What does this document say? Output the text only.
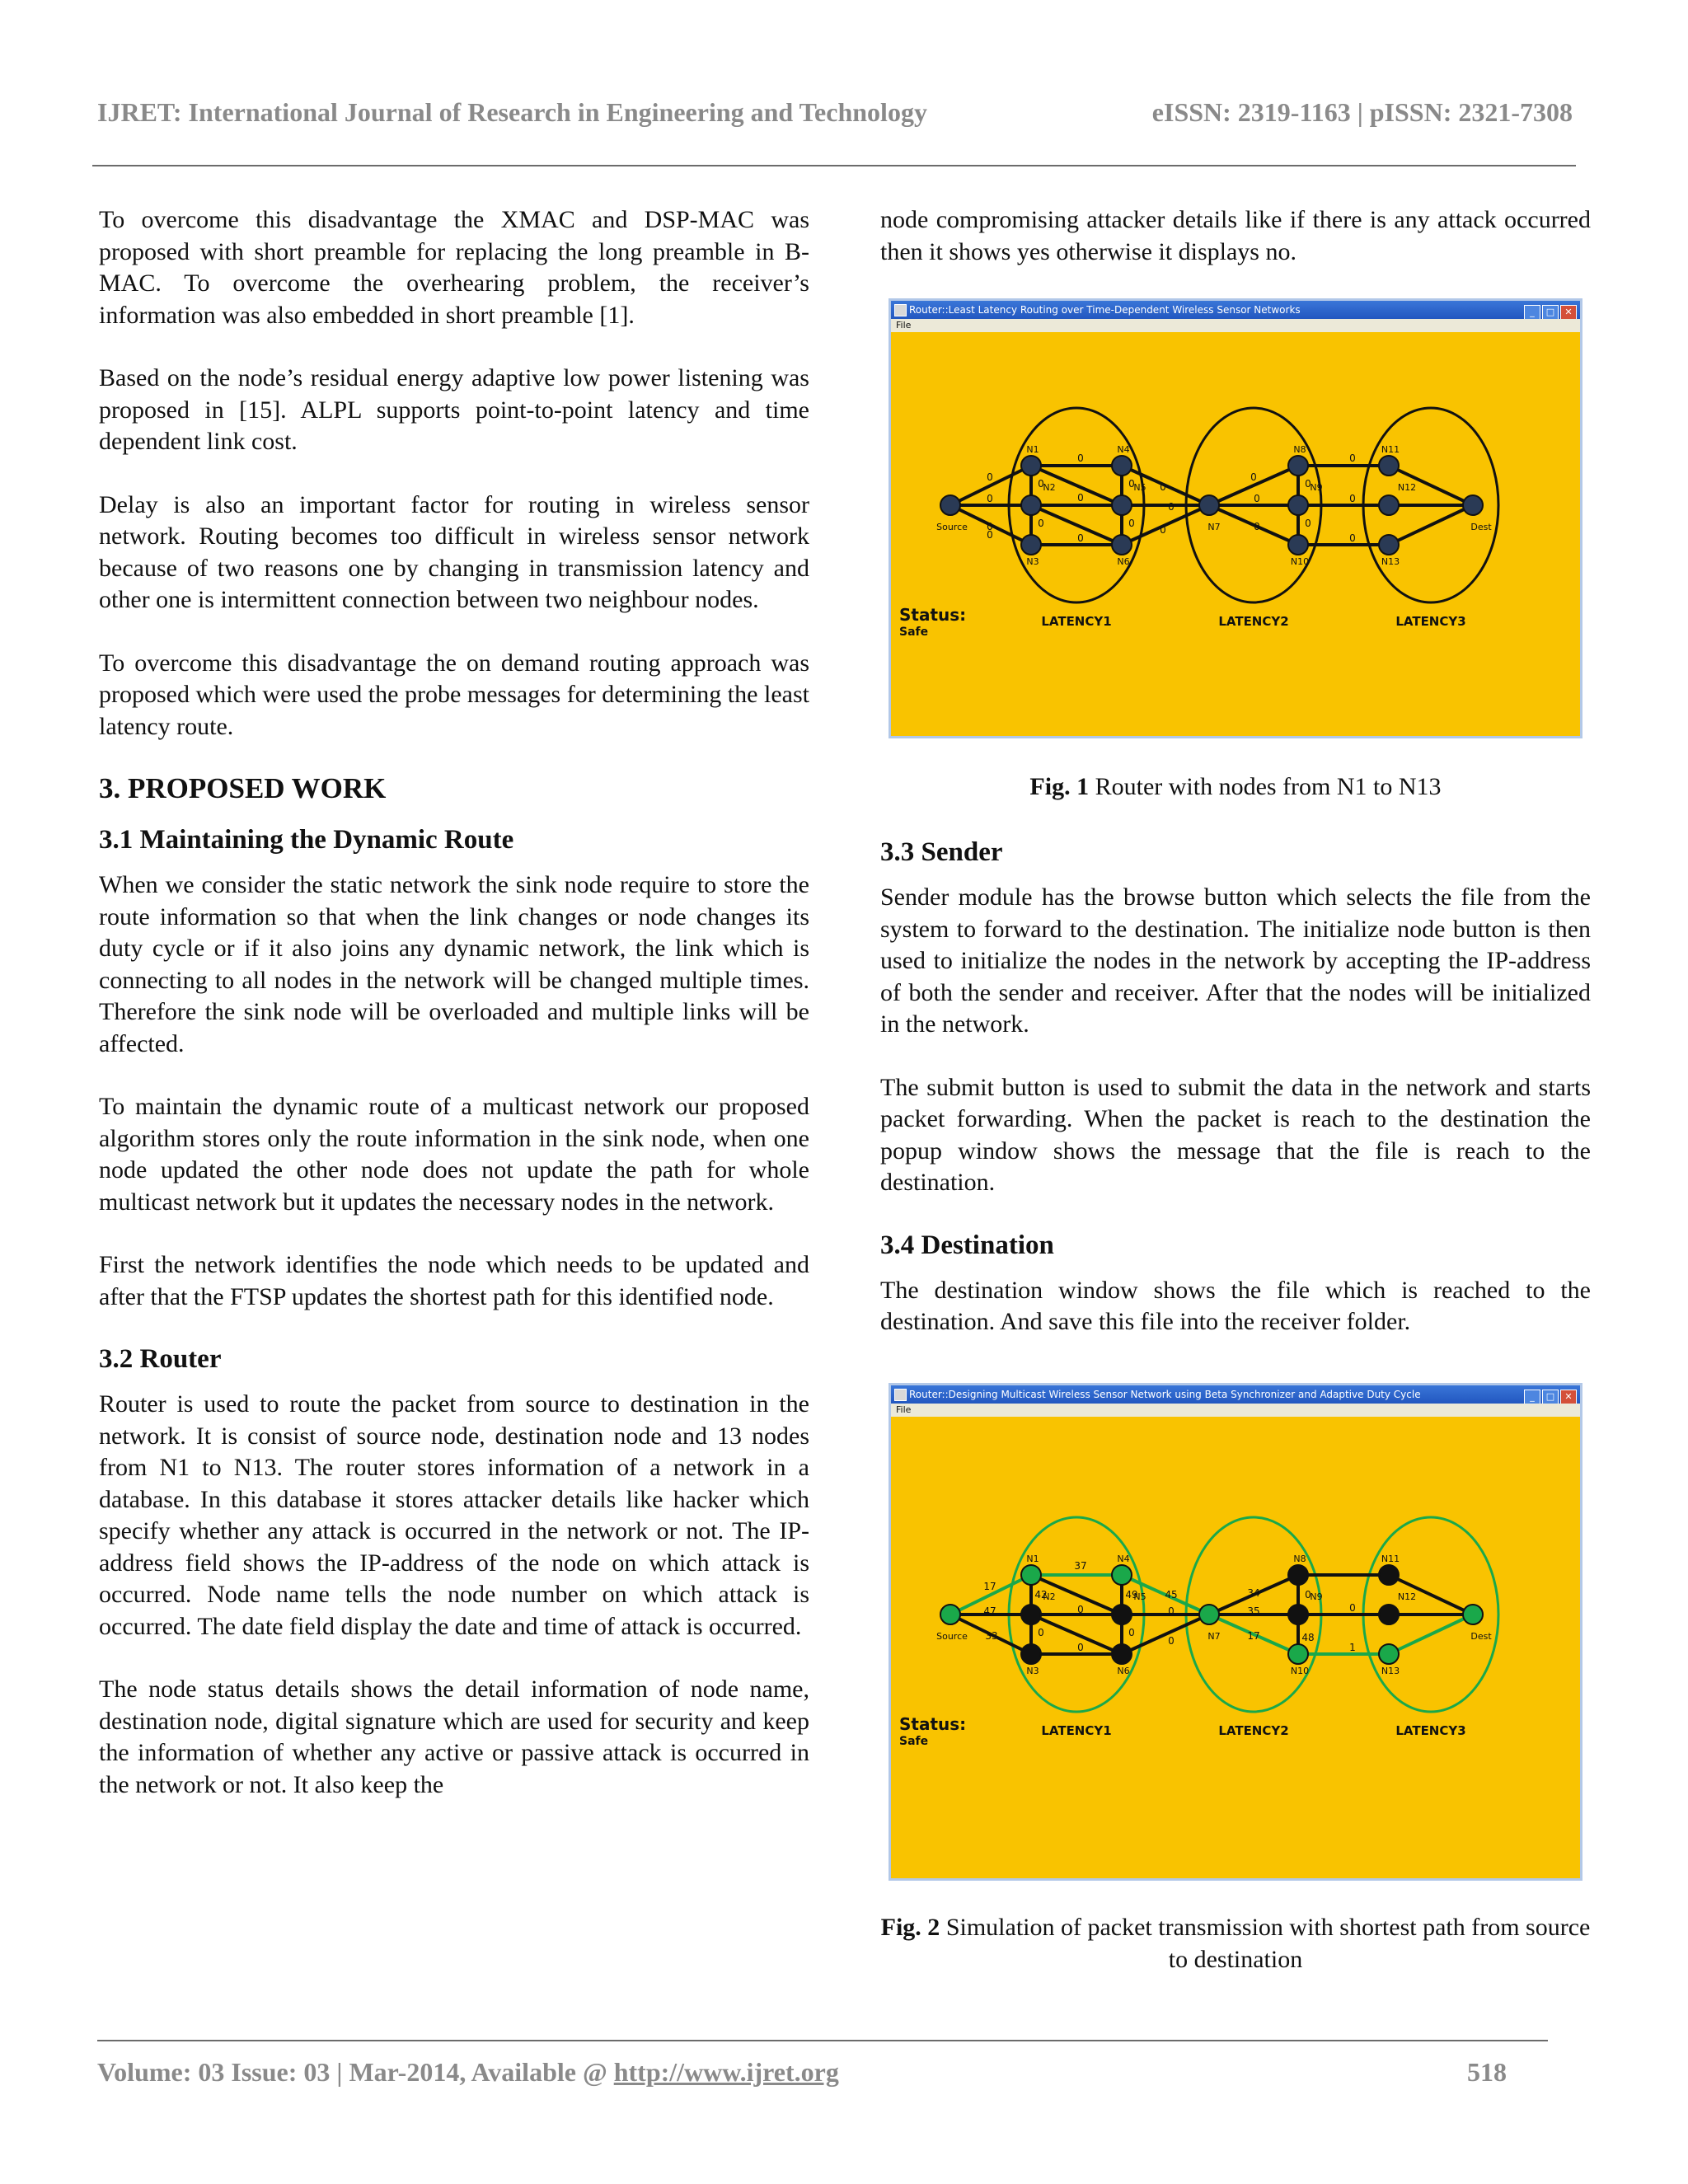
IJRET: International Journal of Research in Engineering and Technology	eISSN: 2319-1163 | pISSN: 2321-7308

To overcome this disadvantage the XMAC and DSP-MAC was proposed with short preamble for replacing the long preamble in B-MAC. To overcome the overhearing problem, the receiver’s information was also embedded in short preamble [1].

Based on the node’s residual energy adaptive low power listening was proposed in [15]. ALPL supports point-to-point latency and time dependent link cost.

Delay is also an important factor for routing in wireless sensor network. Routing becomes too difficult in wireless sensor network because of two reasons one by changing in transmission latency and other one is intermittent connection between two neighbour nodes.

To overcome this disadvantage the on demand routing approach was proposed which were used the probe messages for determining the least latency route.

3. PROPOSED WORK
3.1 Maintaining the Dynamic Route

When we consider the static network the sink node require to store the route information so that when the link changes or node changes its duty cycle or if it also joins any dynamic network, the link which is connecting to all nodes in the network will be changed multiple times. Therefore the sink node will be overloaded and multiple links will be affected.

To maintain the dynamic route of a multicast network our proposed algorithm stores only the route information in the sink node, when one node updated the other node does not update the path for whole multicast network but it updates the necessary nodes in the network.

First the network identifies the node which needs to be updated and after that the FTSP updates the shortest path for this identified node.

3.2 Router

Router is used to route the packet from source to destination in the network. It is consist of source node, destination node and 13 nodes from N1 to N13. The router stores information of a network in a database. In this database it stores attacker details like hacker which specify whether any attack is occurred in the network or not. The IP-address field shows the IP-address of the node on which attack is occurred. Node name tells the node number on which attack is occurred. The date field display the date and time of attack is occurred.

The node status details shows the detail information of node name, destination node, digital signature which are used for security and keep the information of whether any active or passive attack is occurred in the network or not. It also keep the

node compromising attacker details like if there is any attack occurred then it shows yes otherwise it displays no.

Router::Least Latency Routing over Time-Dependent Wireless Sensor Networks	_ □ ✕
File
0
0
0
0	0
0
0
0
0	0	0
0
0
0
0
0
0
0
0	0
0
0
Source
N1
N2
N3
N4
N5
N6
N7
N8
N9
N10
N11
N12
N13
Dest
LATENCY1	LATENCY2	LATENCY3
Status:
Safe
Fig. 1 Router with nodes from N1 to N13
3.3 Sender

Sender module has the browse button which selects the file from the system to forward to the destination. The initialize node button is then used to initialize the nodes in the network by accepting the IP-address of both the sender and receiver. After that the nodes will be initialized in the network.

The submit button is used to submit the data in the network and starts packet forwarding. When the packet is reach to the destination the popup window shows the message that the file is reach to the destination.

3.4 Destination

The destination window shows the file which is reached to the destination. And save this file into the receiver folder.

Router::Designing Multicast Wireless Sensor Network using Beta Synchronizer and Adaptive Duty Cycle	_ □ ✕
File
17
37
47
42	49
0
0
45
33	0
0
0
0
34
35
0
0
17	48
1
Source
N1
N2
N3
N4
N5
N6
N7
N8
N9
N10
N11
N12
N13
Dest
LATENCY1	LATENCY2	LATENCY3
Status:
Safe
Fig. 2 Simulation of packet transmission with shortest path from source to destination
Volume: 03 Issue: 03 | Mar-2014, Available @ http://www.ijret.org	518
